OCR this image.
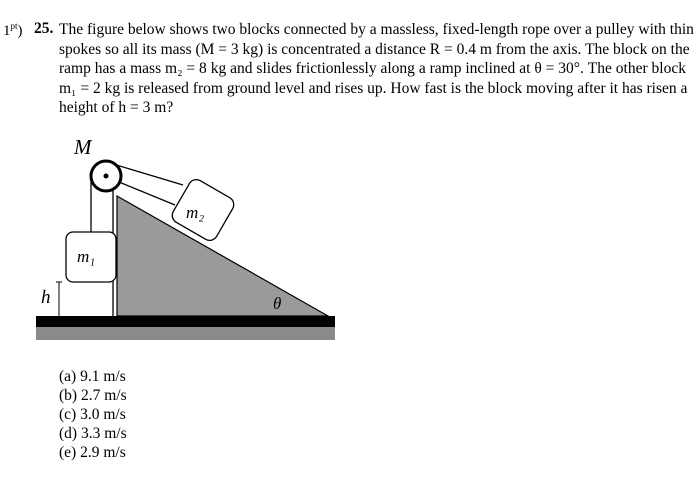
$1^{pt}$) 25. The figure below shows two blocks connected by a massless, fixed-length rope over a pulley with thin
spokes so all its mass (M = 3 kg) is concentrated a distance R = 0.4 m from the axis. The block on the
ramp has a mass m₂ = 8 kg and slides frictionlessly along a ramp inclined at θ = 30°. The other block
m₁ = 2 kg is released from ground level and rises up. How fast is the block moving after it has risen a
height of h = 3 m?
M
m₂
m₁
h	θ
(a) 9.1 m/s
(b) 2.7 m/s
(c) 3.0 m/s
(d) 3.3 m/s
(e) 2.9 m/s
